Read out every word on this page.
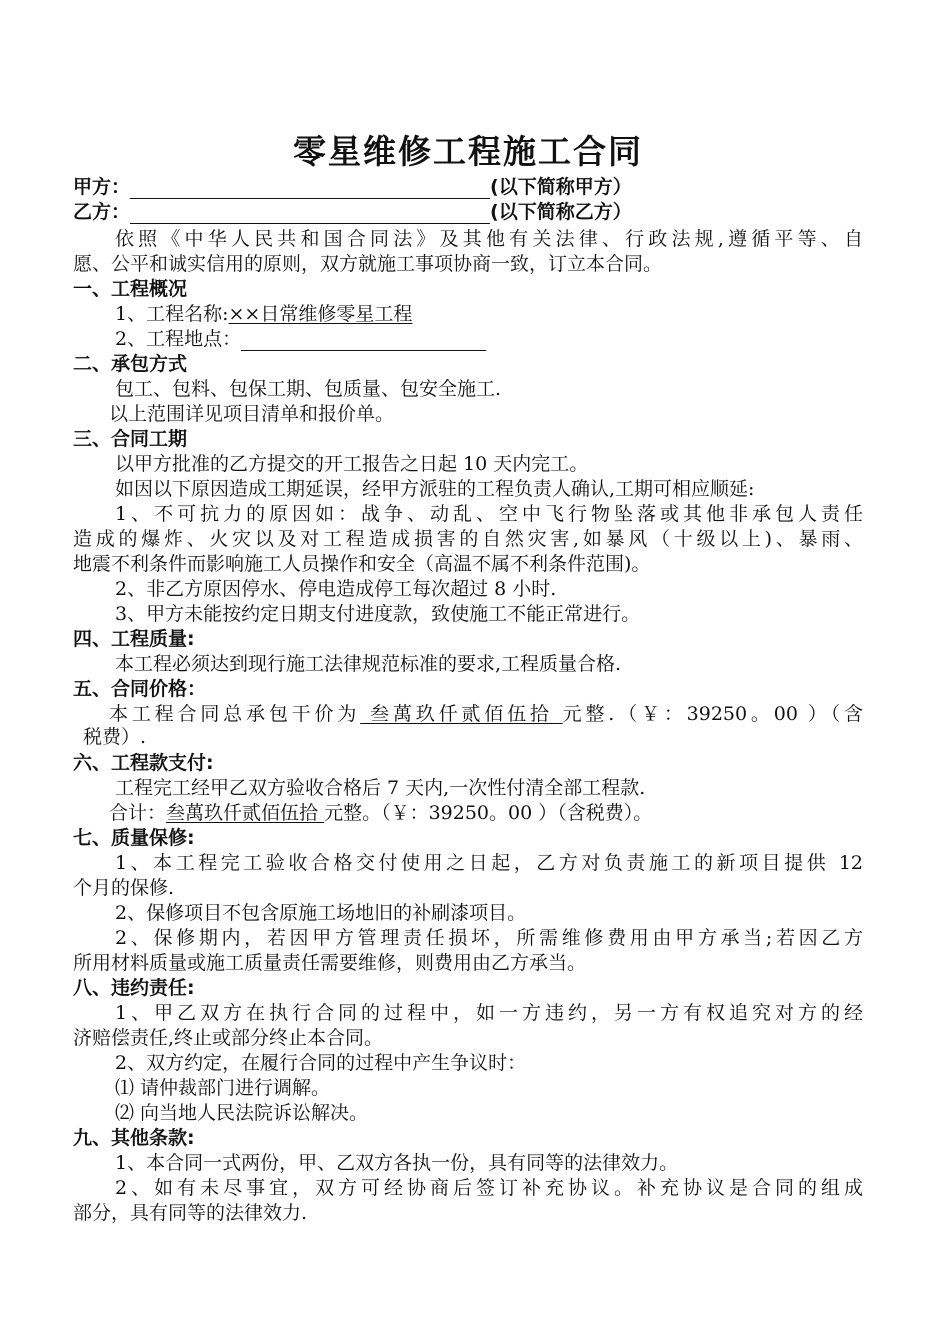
零星维修工程施工合同
甲方：	(以下简称甲方）
乙方：	(以下简称乙方）
依照《中华人民共和国合同法》及其他有关法律、行政法规,遵循平等、自
愿、公平和诚实信用的原则，双方就施工事项协商一致，订立本合同。
一、工程概况
1、工程名称:××日常维修零星工程
2、工程地点：
二、承包方式
包工、包料、包保工期、包质量、包安全施工.
以上范围详见项目清单和报价单。
三、合同工期
以甲方批准的乙方提交的开工报告之日起 10 天内完工。
如因以下原因造成工期延误，经甲方派驻的工程负责人确认,工期可相应顺延:
1、不可抗力的原因如：战争、动乱、空中飞行物坠落或其他非承包人责任
造成的爆炸、火灾以及对工程造成损害的自然灾害,如暴风（十级以上)、暴雨、
地震不利条件而影响施工人员操作和安全（高温不属不利条件范围)。
2、非乙方原因停水、停电造成停工每次超过 8 小时.
3、甲方未能按约定日期支付进度款，致使施工不能正常进行。
四、工程质量:
本工程必须达到现行施工法律规范标准的要求,工程质量合格.
五、合同价格：
本工程合同总承包干价为 叁萬玖仟贰佰伍拾 元整.（￥：39250。00 ）（含
税费）.
六、工程款支付:
工程完工经甲乙双方验收合格后 7 天内,一次性付清全部工程款.
合计：叁萬玖仟贰佰伍拾 元整。（￥：39250。00 ）（含税费）。
七、质量保修:
1、本工程完工验收合格交付使用之日起，乙方对负责施工的新项目提供 12
个月的保修.
2、保修项目不包含原施工场地旧的补刷漆项目。
2、保修期内，若因甲方管理责任损坏，所需维修费用由甲方承当;若因乙方
所用材料质量或施工质量责任需要维修，则费用由乙方承当。
八、违约责任:
1、甲乙双方在执行合同的过程中，如一方违约，另一方有权追究对方的经
济赔偿责任,终止或部分终止本合同。
2、双方约定，在履行合同的过程中产生争议时：
⑴ 请仲裁部门进行调解。
⑵ 向当地人民法院诉讼解决。
九、其他条款:
1、本合同一式两份，甲、乙双方各执一份，具有同等的法律效力。
2、如有未尽事宜，双方可经协商后签订补充协议。补充协议是合同的组成
部分，具有同等的法律效力.
